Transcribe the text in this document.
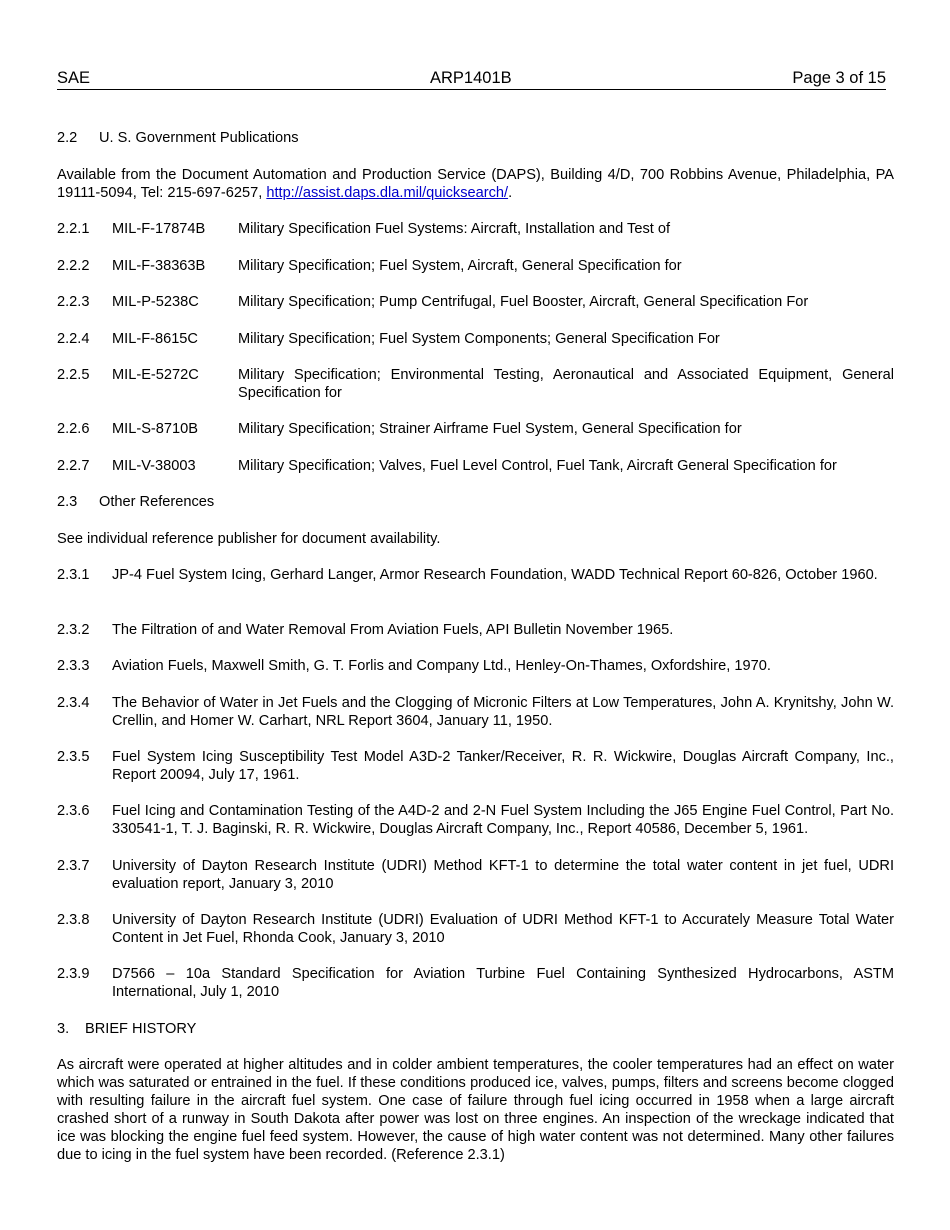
SAE	ARP1401B	Page 3 of 15
2.2 U. S. Government Publications
Available from the Document Automation and Production Service (DAPS), Building 4/D, 700 Robbins Avenue, Philadelphia, PA 19111-5094, Tel: 215-697-6257, http://assist.daps.dla.mil/quicksearch/.
2.2.1 MIL-F-17874B Military Specification Fuel Systems: Aircraft, Installation and Test of
2.2.2 MIL-F-38363B Military Specification; Fuel System, Aircraft, General Specification for
2.2.3 MIL-P-5238C	Military Specification; Pump Centrifugal, Fuel Booster, Aircraft, General Specification For
2.2.4 MIL-F-8615C	Military Specification; Fuel System Components; General Specification For
2.2.5 MIL-E-5272C	Military Specification; Environmental Testing, Aeronautical and Associated Equipment, General Specification for
2.2.6 MIL-S-8710B	Military Specification; Strainer Airframe Fuel System, General Specification for
2.2.7 MIL-V-38003	Military Specification; Valves, Fuel Level Control, Fuel Tank, Aircraft General Specification for
2.3 Other References
See individual reference publisher for document availability.
2.3.1 JP-4 Fuel System Icing, Gerhard Langer, Armor Research Foundation, WADD Technical Report 60-826, October 1960.
2.3.2 The Filtration of and Water Removal From Aviation Fuels, API Bulletin November 1965.
2.3.3 Aviation Fuels, Maxwell Smith, G. T. Forlis and Company Ltd., Henley-On-Thames, Oxfordshire, 1970.
2.3.4 The Behavior of Water in Jet Fuels and the Clogging of Micronic Filters at Low Temperatures, John A. Krynitshy, John W. Crellin, and Homer W. Carhart, NRL Report 3604, January 11, 1950.
2.3.5 Fuel System Icing Susceptibility Test Model A3D-2 Tanker/Receiver, R. R. Wickwire, Douglas Aircraft Company, Inc., Report 20094, July 17, 1961.
2.3.6 Fuel Icing and Contamination Testing of the A4D-2 and 2-N Fuel System Including the J65 Engine Fuel Control, Part No. 330541-1, T. J. Baginski, R. R. Wickwire, Douglas Aircraft Company, Inc., Report 40586, December 5, 1961.
2.3.7 University of Dayton Research Institute (UDRI) Method KFT-1 to determine the total water content in jet fuel, UDRI evaluation report, January 3, 2010
2.3.8 University of Dayton Research Institute (UDRI) Evaluation of UDRI Method KFT-1 to Accurately Measure Total Water Content in Jet Fuel, Rhonda Cook, January 3, 2010
2.3.9 D7566 – 10a Standard Specification for Aviation Turbine Fuel Containing Synthesized Hydrocarbons, ASTM International, July 1, 2010
3. BRIEF HISTORY
As aircraft were operated at higher altitudes and in colder ambient temperatures, the cooler temperatures had an effect on water which was saturated or entrained in the fuel. If these conditions produced ice, valves, pumps, filters and screens become clogged with resulting failure in the aircraft fuel system. One case of failure through fuel icing occurred in 1958 when a large aircraft crashed short of a runway in South Dakota after power was lost on three engines. An inspection of the wreckage indicated that ice was blocking the engine fuel feed system. However, the cause of high water content was not determined. Many other failures due to icing in the fuel system have been recorded. (Reference 2.3.1)
